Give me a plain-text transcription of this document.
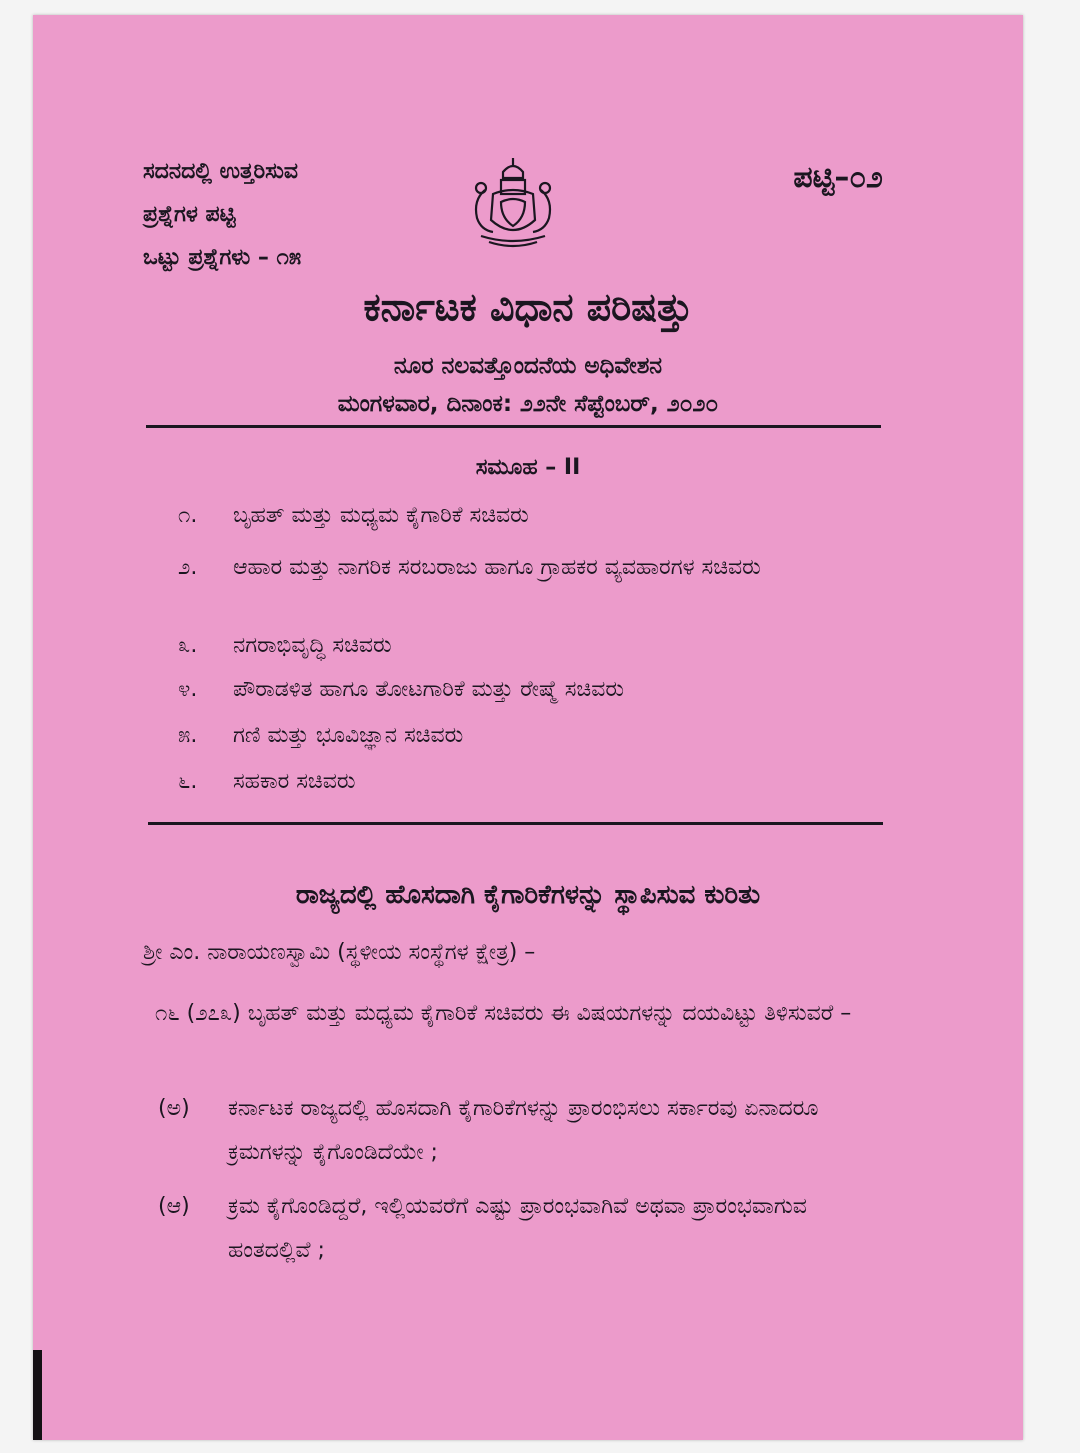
ಸದನದಲ್ಲಿ ಉತ್ತರಿಸುವ
ಪ್ರಶ್ನೆಗಳ ಪಟ್ಟಿ
ಒಟ್ಟು ಪ್ರಶ್ನೆಗಳು – ೧೫
ಪಟ್ಟಿ–೦೨
ಕರ್ನಾಟಕ ವಿಧಾನ ಪರಿಷತ್ತು
ನೂರ ನಲವತ್ತೊಂದನೆಯ ಅಧಿವೇಶನ
ಮಂಗಳವಾರ, ದಿನಾಂಕ: ೨೨ನೇ ಸೆಪ್ಟೆಂಬರ್, ೨೦೨೦
ಸಮೂಹ – II
೧. ಬೃಹತ್ ಮತ್ತು ಮಧ್ಯಮ ಕೈಗಾರಿಕೆ ಸಚಿವರು
೨. ಆಹಾರ ಮತ್ತು ನಾಗರಿಕ ಸರಬರಾಜು ಹಾಗೂ ಗ್ರಾಹಕರ ವ್ಯವಹಾರಗಳ ಸಚಿವರು
೩. ನಗರಾಭಿವೃದ್ಧಿ ಸಚಿವರು
೪. ಪೌರಾಡಳಿತ ಹಾಗೂ ತೋಟಗಾರಿಕೆ ಮತ್ತು ರೇಷ್ಮೆ ಸಚಿವರು
೫. ಗಣಿ ಮತ್ತು ಭೂವಿಜ್ಞಾನ ಸಚಿವರು
೬. ಸಹಕಾರ ಸಚಿವರು
ರಾಜ್ಯದಲ್ಲಿ ಹೊಸದಾಗಿ ಕೈಗಾರಿಕೆಗಳನ್ನು ಸ್ಥಾಪಿಸುವ ಕುರಿತು
ಶ್ರೀ ಎಂ. ನಾರಾಯಣಸ್ವಾಮಿ (ಸ್ಥಳೀಯ ಸಂಸ್ಥೆಗಳ ಕ್ಷೇತ್ರ) –
೧೬ (೨೭೩) ಬೃಹತ್ ಮತ್ತು ಮಧ್ಯಮ ಕೈಗಾರಿಕೆ ಸಚಿವರು ಈ ವಿಷಯಗಳನ್ನು ದಯವಿಟ್ಟು ತಿಳಿಸುವರೆ –
(ಅ) ಕರ್ನಾಟಕ ರಾಜ್ಯದಲ್ಲಿ ಹೊಸದಾಗಿ ಕೈಗಾರಿಕೆಗಳನ್ನು ಪ್ರಾರಂಭಿಸಲು ಸರ್ಕಾರವು ಏನಾದರೂ ಕ್ರಮಗಳನ್ನು ಕೈಗೊಂಡಿದೆಯೇ ;
(ಆ) ಕ್ರಮ ಕೈಗೊಂಡಿದ್ದರೆ, ಇಲ್ಲಿಯವರೆಗೆ ಎಷ್ಟು ಪ್ರಾರಂಭವಾಗಿವೆ ಅಥವಾ ಪ್ರಾರಂಭವಾಗುವ ಹಂತದಲ್ಲಿವೆ ;
